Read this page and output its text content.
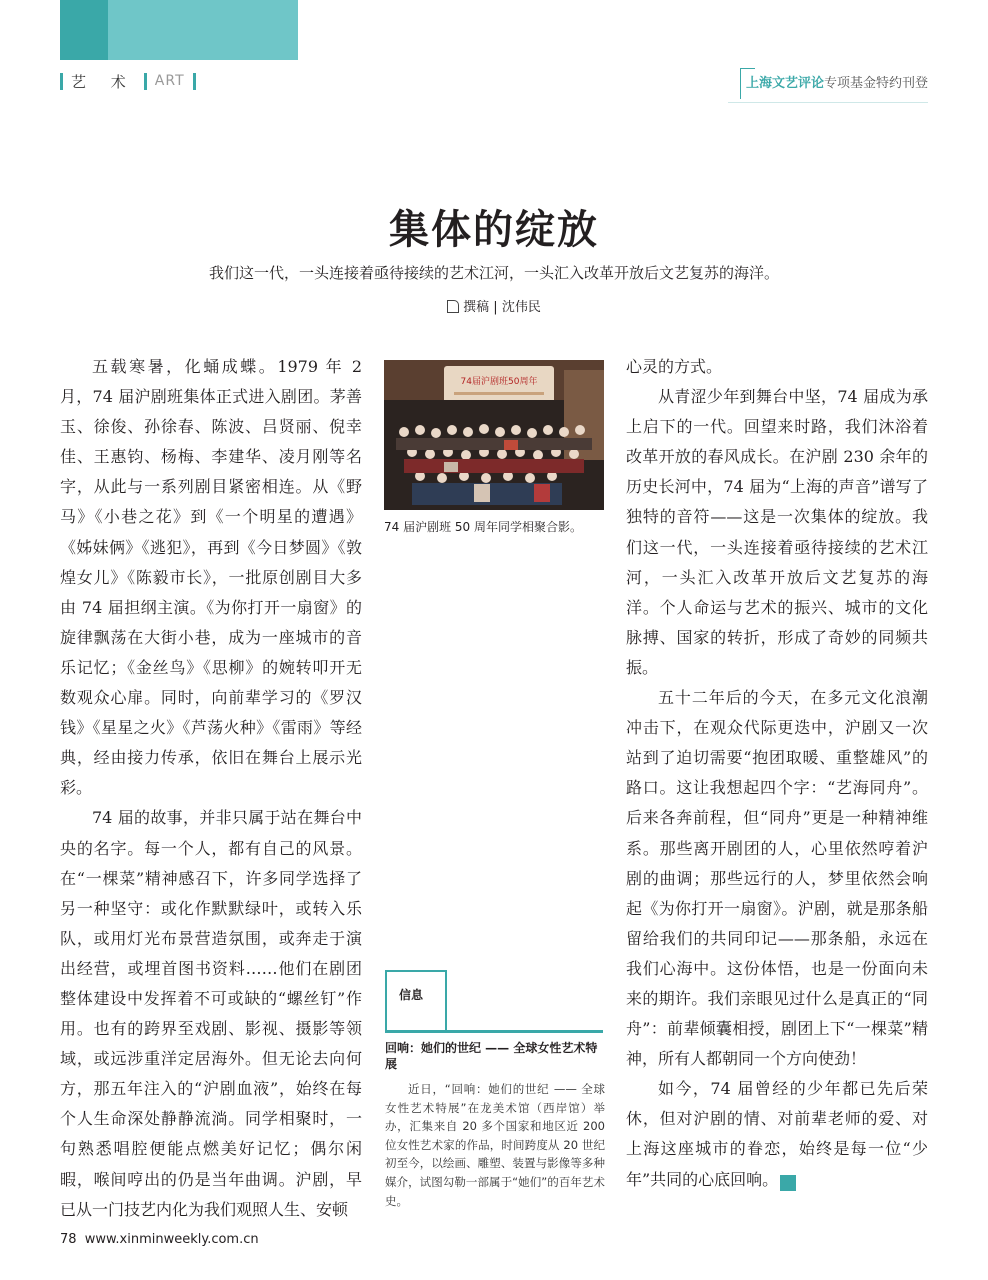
艺 术 ART	上海文艺评论 专项基金特约刊登
集体的绽放
我们这一代，一头连接着亟待接续的艺术江河，一头汇入改革开放后文艺复苏的海洋。
撰稿 | 沈伟民

五载寒暑，化蛹成蝶。1979 年 2 月，74 届沪剧班集体正式进入剧团。茅善玉、徐俊、孙徐春、陈波、吕贤丽、倪幸佳、王惠钧、杨梅、李建华、凌月刚等名字，从此与一系列剧目紧密相连。从《野马》《小巷之花》到《一个明星的遭遇》《姊妹俩》《逃犯》，再到《今日梦圆》《敦煌女儿》《陈毅市长》，一批原创剧目大多由 74 届担纲主演。《为你打开一扇窗》的旋律飘荡在大街小巷，成为一座城市的音乐记忆；《金丝鸟》《思柳》的婉转叩开无数观众心扉。同时，向前辈学习的《罗汉钱》《星星之火》《芦荡火种》《雷雨》等经典，经由接力传承，依旧在舞台上展示光彩。

74 届的故事，并非只属于站在舞台中央的名字。每一个人，都有自己的风景。在“一棵菜”精神感召下，许多同学选择了另一种坚守：或化作默默绿叶，或转入乐队，或用灯光布景营造氛围，或奔走于演出经营，或埋首图书资料……他们在剧团整体建设中发挥着不可或缺的“螺丝钉”作用。也有的跨界至戏剧、影视、摄影等领域，或远涉重洋定居海外。但无论去向何方，那五年注入的“沪剧血液”，始终在每个人生命深处静静流淌。同学相聚时，一句熟悉唱腔便能点燃美好记忆；偶尔闲暇，喉间哼出的仍是当年曲调。沪剧，早已从一门技艺内化为我们观照人生、安顿

74届沪剧班50周年
74 届沪剧班 50 周年同学相聚合影。
信息
回响：她们的世纪 —— 全球女性艺术特展
近日，“回响：她们的世纪 —— 全球女性艺术特展”在龙美术馆（西岸馆）举办，汇集来自 20 多个国家和地区近 200 位女性艺术家的作品，时间跨度从 20 世纪初至今，以绘画、雕塑、装置与影像等多种媒介，试图勾勒一部属于“她们”的百年艺术史。

心灵的方式。

从青涩少年到舞台中坚，74 届成为承上启下的一代。回望来时路，我们沐浴着改革开放的春风成长。在沪剧 230 余年的历史长河中，74 届为“上海的声音”谱写了独特的音符——这是一次集体的绽放。我们这一代，一头连接着亟待接续的艺术江河，一头汇入改革开放后文艺复苏的海洋。个人命运与艺术的振兴、城市的文化脉搏、国家的转折，形成了奇妙的同频共振。

五十二年后的今天，在多元文化浪潮冲击下，在观众代际更迭中，沪剧又一次站到了迫切需要“抱团取暖、重整雄风”的路口。这让我想起四个字：“艺海同舟”。后来各奔前程，但“同舟”更是一种精神维系。那些离开剧团的人，心里依然哼着沪剧的曲调；那些远行的人，梦里依然会响起《为你打开一扇窗》。沪剧，就是那条船留给我们的共同印记——那条船，永远在我们心海中。这份体悟，也是一份面向未来的期许。我们亲眼见过什么是真正的“同舟”：前辈倾囊相授，剧团上下“一棵菜”精神，所有人都朝同一个方向使劲！

如今，74 届曾经的少年都已先后荣休，但对沪剧的情、对前辈老师的爱、对上海这座城市的眷恋，始终是每一位“少年”共同的心底回响。	民

78 www.xinminweekly.com.cn
